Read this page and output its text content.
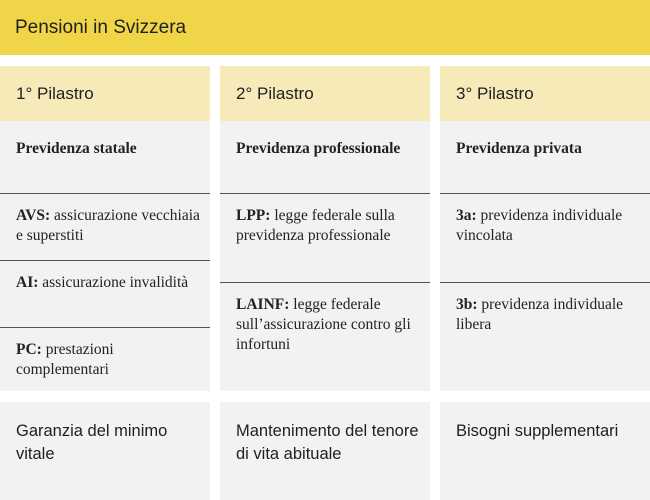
Pensioni in Svizzera
1° Pilastro
Previdenza statale
AVS: assicurazione vecchiaia e superstiti
AI: assicurazione invalidità
PC: prestazioni complementari
2° Pilastro
Previdenza professionale
LPP: legge federale sulla previdenza professionale
LAINF: legge federale sull’assicurazione contro gli infortuni
3° Pilastro
Previdenza privata
3a: previdenza individuale vincolata
3b: previdenza individuale libera
Garanzia del minimo vitale
Mantenimento del tenore di vita abituale
Bisogni supplementari
